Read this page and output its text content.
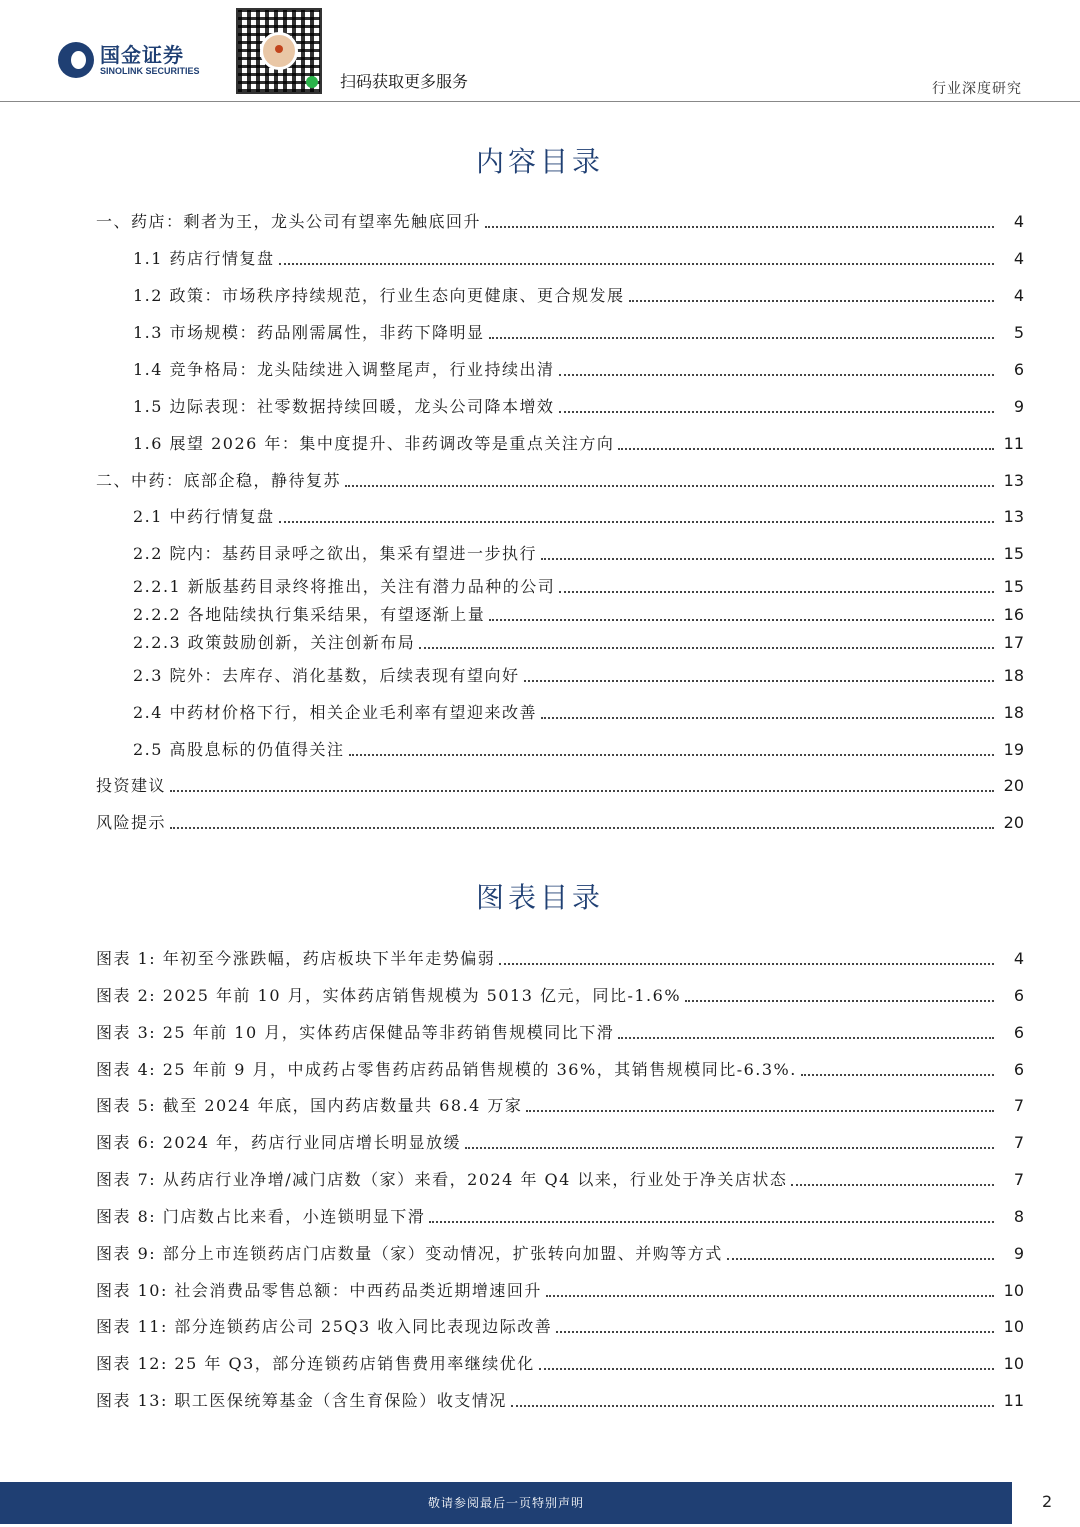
国金证券
SINOLINK SECURITIES
扫码获取更多服务	行业深度研究
内容目录
一、药店：剩者为王，龙头公司有望率先触底回升	4
1.1 药店行情复盘	4
1.2 政策：市场秩序持续规范，行业生态向更健康、更合规发展	4
1.3 市场规模：药品刚需属性，非药下降明显	5
1.4 竞争格局：龙头陆续进入调整尾声，行业持续出清	6
1.5 边际表现：社零数据持续回暖，龙头公司降本增效	9
1.6 展望 2026 年：集中度提升、非药调改等是重点关注方向	11
二、中药：底部企稳，静待复苏	13
2.1 中药行情复盘	13
2.2 院内：基药目录呼之欲出，集采有望进一步执行	15
2.2.1 新版基药目录终将推出，关注有潜力品种的公司	15
2.2.2 各地陆续执行集采结果，有望逐渐上量	16
2.2.3 政策鼓励创新，关注创新布局	17
2.3 院外：去库存、消化基数，后续表现有望向好	18
2.4 中药材价格下行，相关企业毛利率有望迎来改善	18
2.5 高股息标的仍值得关注	19
投资建议	20
风险提示	20
图表目录
图表 1: 年初至今涨跌幅，药店板块下半年走势偏弱	4
图表 2: 2025 年前 10 月，实体药店销售规模为 5013 亿元，同比-1.6%	6
图表 3: 25 年前 10 月，实体药店保健品等非药销售规模同比下滑	6
图表 4: 25 年前 9 月，中成药占零售药店药品销售规模的 36%，其销售规模同比-6.3%.	6
图表 5: 截至 2024 年底，国内药店数量共 68.4 万家	7
图表 6: 2024 年，药店行业同店增长明显放缓	7
图表 7: 从药店行业净增/减门店数（家）来看，2024 年 Q4 以来，行业处于净关店状态	7
图表 8: 门店数占比来看，小连锁明显下滑	8
图表 9: 部分上市连锁药店门店数量（家）变动情况，扩张转向加盟、并购等方式	9
图表 10: 社会消费品零售总额：中西药品类近期增速回升	10
图表 11: 部分连锁药店公司 25Q3 收入同比表现边际改善	10
图表 12: 25 年 Q3，部分连锁药店销售费用率继续优化	10
图表 13: 职工医保统筹基金（含生育保险）收支情况	11
敬请参阅最后一页特别声明	2
